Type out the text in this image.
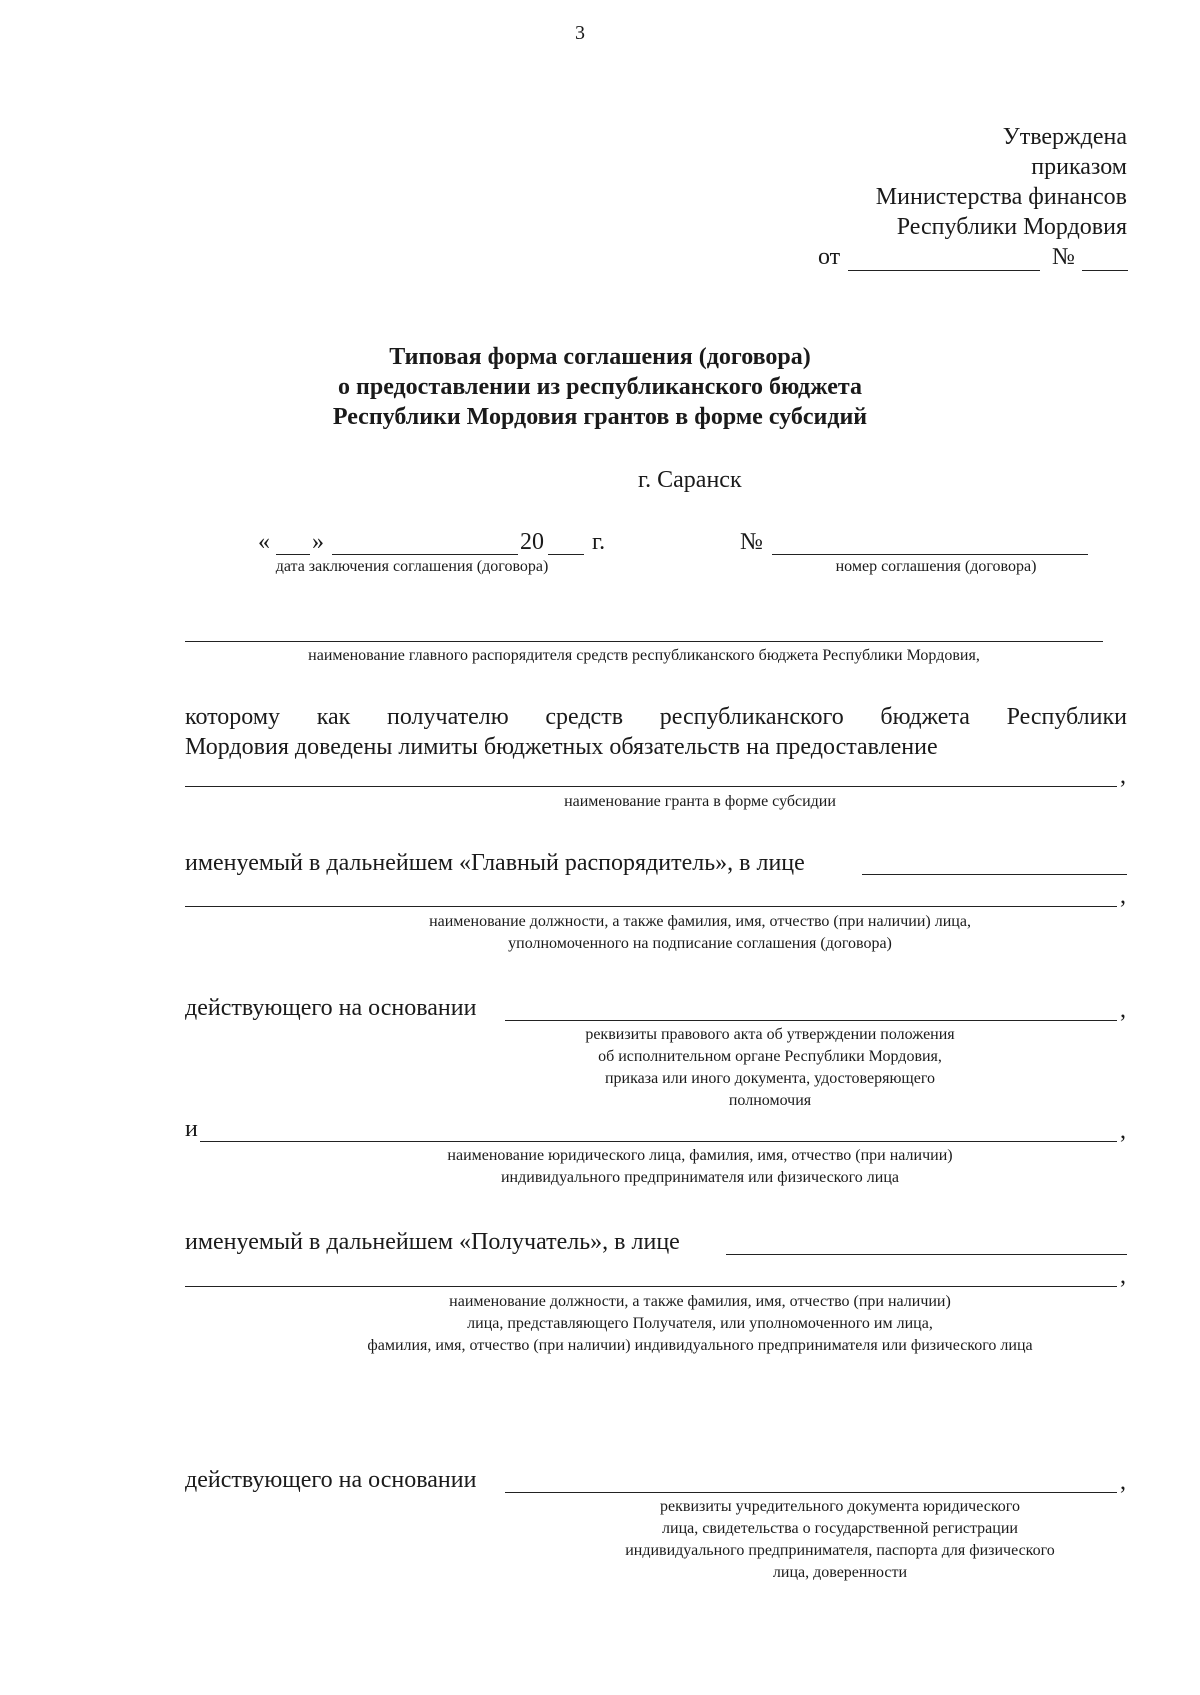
3
Утверждена
приказом
Министерства финансов
Республики Мордовия
от	№
Типовая форма соглашения (договора)
о предоставлении из республиканского бюджета
Республики Мордовия грантов в форме субсидий
г. Саранск
« »	20 г.
дата заключения соглашения (договора)
№
номер соглашения (договора)
наименование главного распорядителя средств республиканского бюджета Республики Мордовия,
которому как получателю средств республиканского бюджета Республики
Мордовия доведены лимиты бюджетных обязательств на предоставление
,
наименование гранта в форме субсидии
именуемый в дальнейшем «Главный распорядитель», в лице
,
наименование должности, а также фамилия, имя, отчество (при наличии) лица,
уполномоченного на подписание соглашения (договора)
действующего на основании	,
реквизиты правового акта об утверждении положения
об исполнительном органе Республики Мордовия,
приказа или иного документа, удостоверяющего
полномочия
и	,
наименование юридического лица, фамилия, имя, отчество (при наличии)
индивидуального предпринимателя или физического лица
именуемый в дальнейшем «Получатель», в лице
,
наименование должности, а также фамилия, имя, отчество (при наличии)
лица, представляющего Получателя, или уполномоченного им лица,
фамилия, имя, отчество (при наличии) индивидуального предпринимателя или физического лица
действующего на основании	,
реквизиты учредительного документа юридического
лица, свидетельства о государственной регистрации
индивидуального предпринимателя, паспорта для физического
лица, доверенности
